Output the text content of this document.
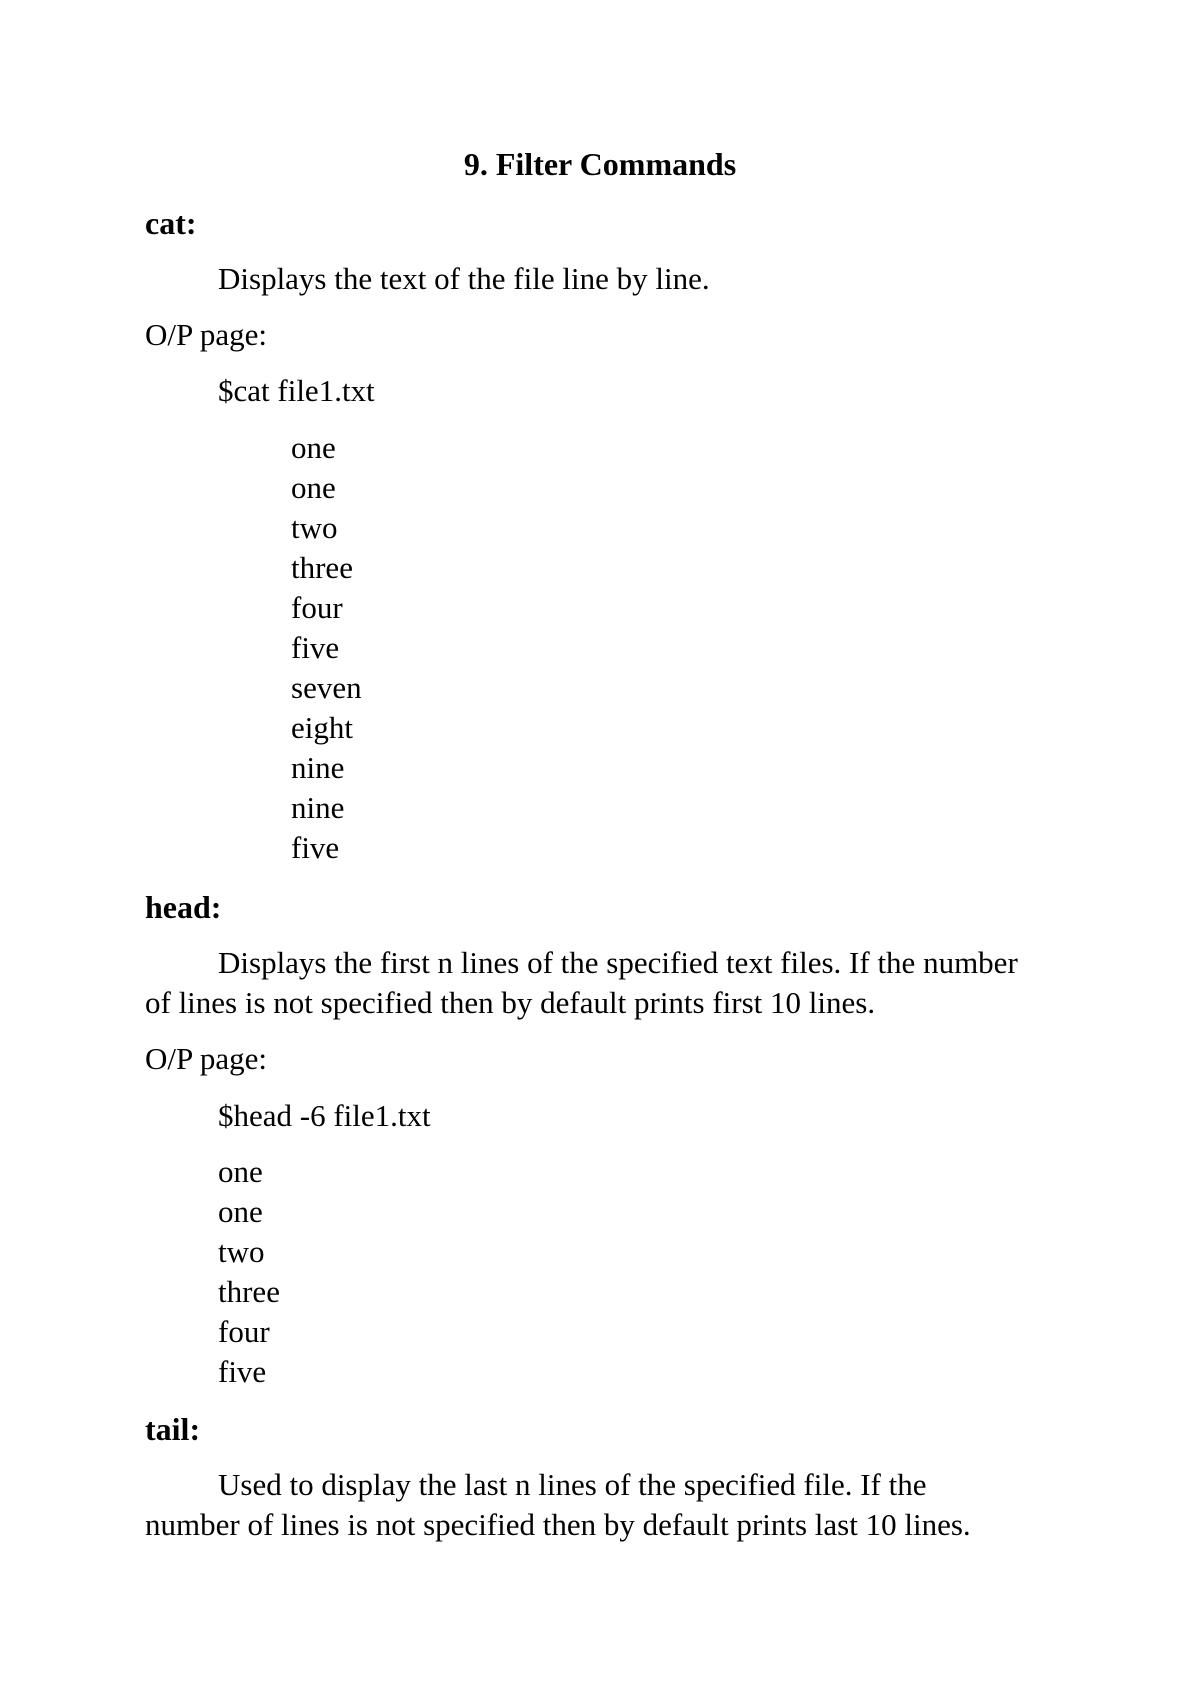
9. Filter Commands
cat:

Displays the text of the file line by line.

O/P page:

$cat file1.txt

one
one
two
three
four
five
seven
eight
nine
nine
five
head:

Displays the first n lines of the specified text files. If the number
of lines is not specified then by default prints first 10 lines.

O/P page:

$head -6 file1.txt

one
one
two
three
four
five
tail:

Used to display the last n lines of the specified file. If the
number of lines is not specified then by default prints last 10 lines.
